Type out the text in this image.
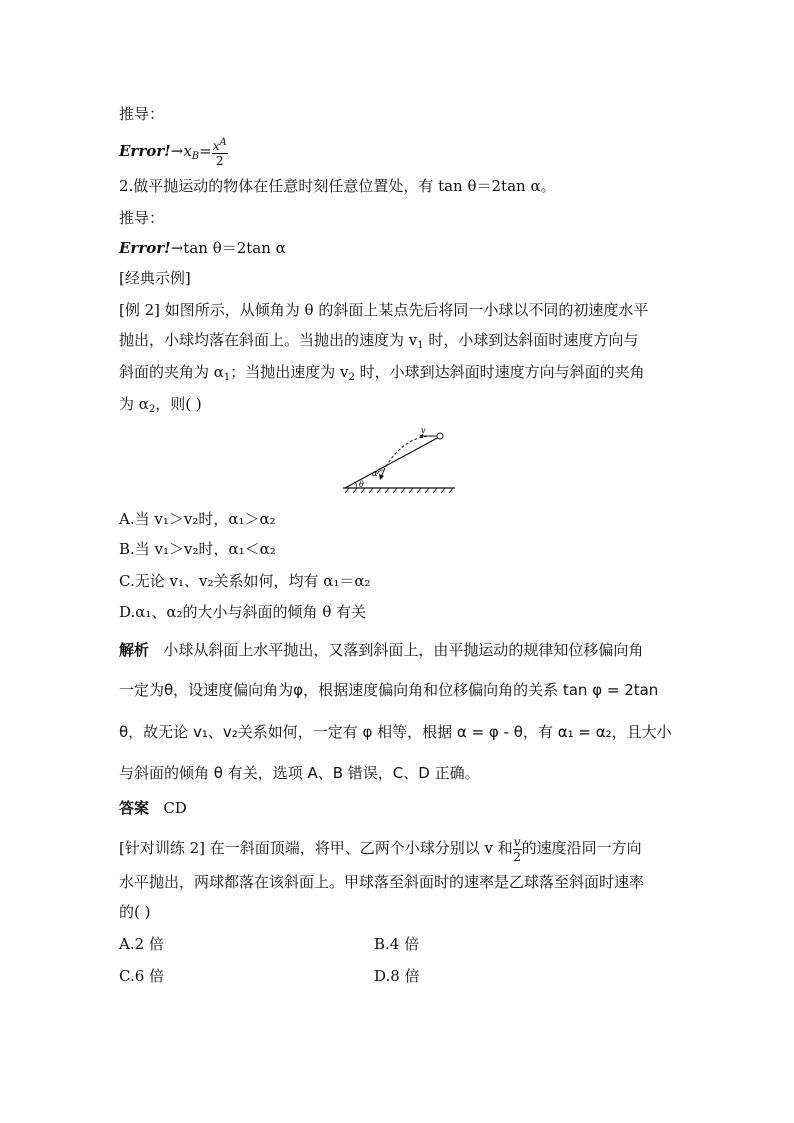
推导：
$Error!\to x_B= \frac{x^A}{2}$
2.做平抛运动的物体在任意时刻任意位置处，有 tan θ＝2tan α。
推导：
Error!→tan θ＝2tan α
[经典示例]
[例 2] 如图所示，从倾角为 θ 的斜面上某点先后将同一小球以不同的初速度水平
抛出，小球均落在斜面上。当抛出的速度为 $v_1$ 时，小球到达斜面时速度方向与
斜面的夹角为 $\alpha_1$；当抛出速度为 $v_2$ 时，小球到达斜面时速度方向与斜面的夹角
为 $\alpha_2$，则( )
v
α
θ
A.当 v₁＞v₂时，α₁＞α₂
B.当 v₁＞v₂时，α₁＜α₂
C.无论 v₁、v₂关系如何，均有 α₁＝α₂
D.α₁、α₂的大小与斜面的倾角 θ 有关
解析 小球从斜面上水平抛出，又落到斜面上，由平抛运动的规律知位移偏向角
一定为θ，设速度偏向角为φ，根据速度偏向角和位移偏向角的关系 tan φ = 2tan
θ，故无论 v₁、v₂关系如何，一定有 φ 相等，根据 α = φ - θ，有 α₁ = α₂，且大小
与斜面的倾角 θ 有关，选项 A、B 错误，C、D 正确。
答案 CD
[针对训练 2] 在一斜面顶端，将甲、乙两个小球分别以 v 和 $\frac{v}{2}$ 的速度沿同一方向
水平抛出，两球都落在该斜面上。甲球落至斜面时的速率是乙球落至斜面时速率
的( )
A.2 倍	B.4 倍
C.6 倍	D.8 倍
